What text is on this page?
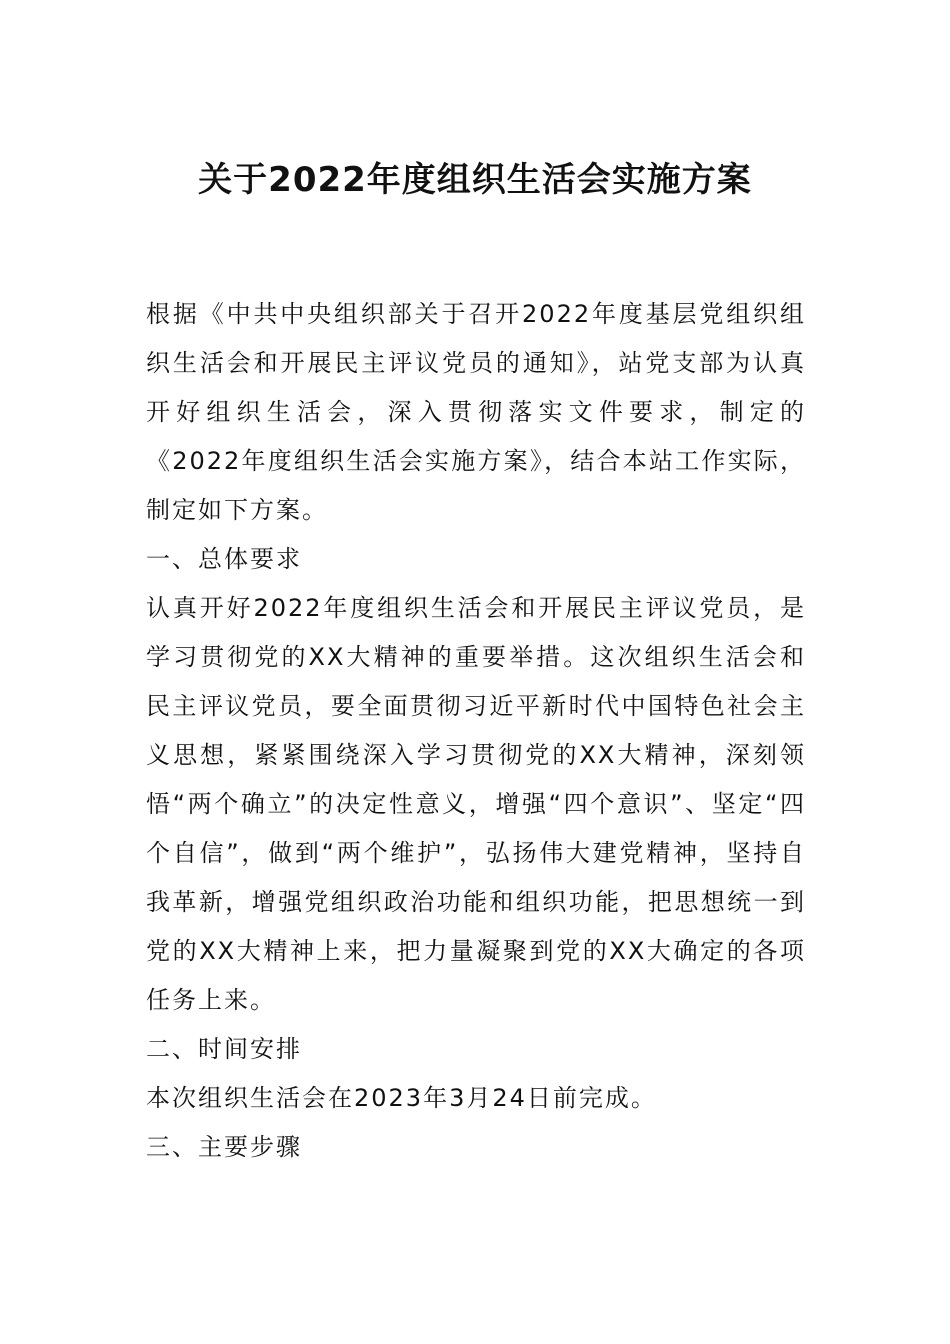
关于2022年度组织生活会实施方案

根据《中共中央组织部关于召开2022年度基层党组织组织生活会和开展民主评议党员的通知》，站党支部为认真开好组织生活会，深入贯彻落实文件要求，制定的《2022年度组织生活会实施方案》，结合本站工作实际，制定如下方案。

一、总体要求

认真开好2022年度组织生活会和开展民主评议党员，是学习贯彻党的XX大精神的重要举措。这次组织生活会和民主评议党员，要全面贯彻习近平新时代中国特色社会主义思想，紧紧围绕深入学习贯彻党的XX大精神，深刻领悟“两个确立”的决定性意义，增强“四个意识”、坚定“四个自信”，做到“两个维护”，弘扬伟大建党精神，坚持自我革新，增强党组织政治功能和组织功能，把思想统一到党的XX大精神上来，把力量凝聚到党的XX大确定的各项任务上来。

二、时间安排

本次组织生活会在2023年3月24日前完成。

三、主要步骤
